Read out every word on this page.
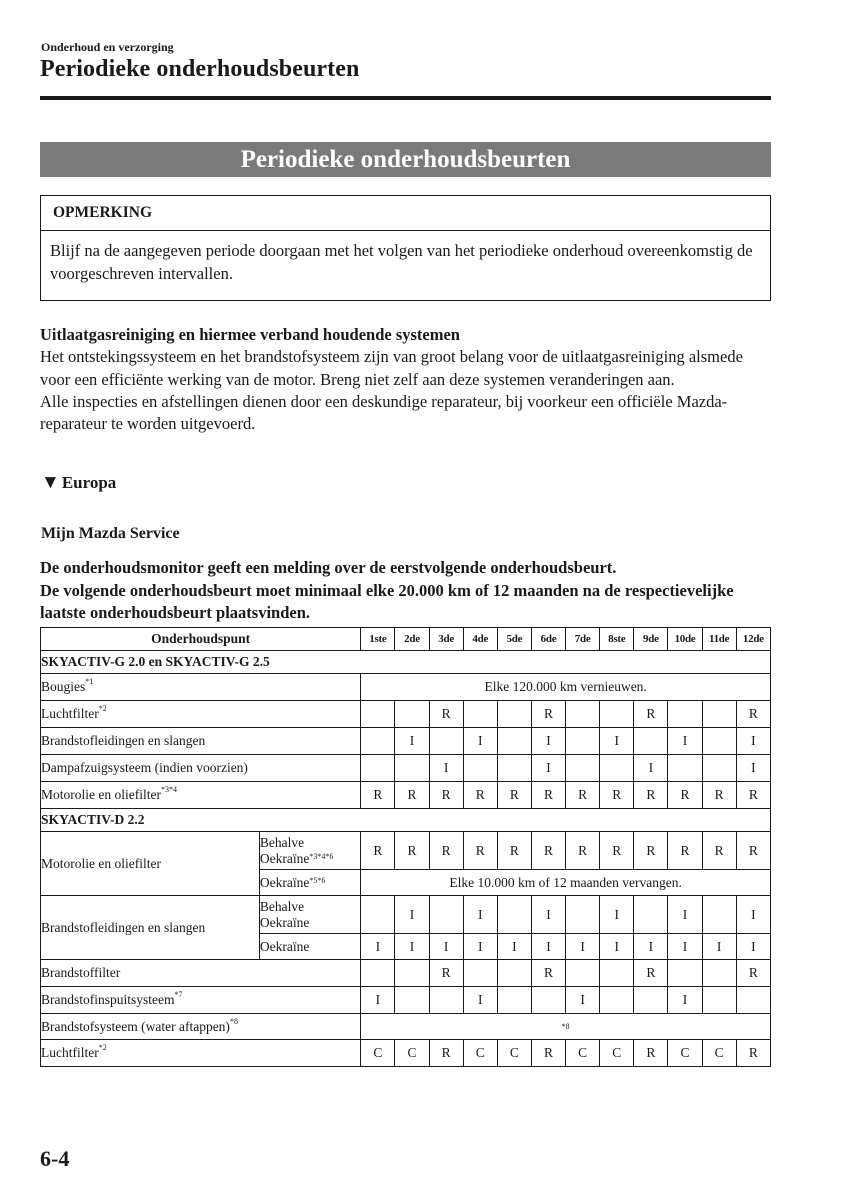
Onderhoud en verzorging
Periodieke onderhoudsbeurten
Periodieke onderhoudsbeurten
OPMERKING
Blijf na de aangegeven periode doorgaan met het volgen van het periodieke onderhoud overeenkomstig de voorgeschreven intervallen.

Uitlaatgasreiniging en hiermee verband houdende systemen

Het ontstekingssysteem en het brandstofsysteem zijn van groot belang voor de uitlaatgasreiniging alsmede voor een efficiënte werking van de motor. Breng niet zelf aan deze systemen veranderingen aan.

Alle inspecties en afstellingen dienen door een deskundige reparateur, bij voorkeur een officiële Mazda-reparateur te worden uitgevoerd.

▼ Europa
Mijn Mazda Service

De onderhoudsmonitor geeft een melding over de eerstvolgende onderhoudsbeurt.

De volgende onderhoudsbeurt moet minimaal elke 20.000 km of 12 maanden na de respectievelijke laatste onderhoudsbeurt plaatsvinden.

Onderhoudspunt		1ste	2de	3de	4de	5de	6de	7de	8ste	9de	10de	11de	12de
SKYACTIV-G 2.0 en SKYACTIV-G 2.5													
Bougies$^{*1}$		Elke 120.000 km vernieuwen.											
Luchtfilter$^{*2}$				R			R			R			R
Brandstofleidingen en slangen			I		I		I		I		I		I
Dampafzuigsysteem (indien voorzien)				I			I			I			I
Motorolie en oliefilter$^{*3*4}$		R	R	R	R	R	R	R	R	R	R	R	R
SKYACTIV-D 2.2													
Motorolie en oliefilter	Behalve
Oekraïne$^{*3*4*6}$	R	R	R	R	R	R	R	R	R	R	R	R
	Oekraïne$^{*5*6}$	Elke 10.000 km of 12 maanden vervangen.											
Brandstofleidingen en slangen	Behalve
Oekraïne		I		I		I		I		I		I
	Oekraïne	I	I	I	I	I	I	I	I	I	I	I	I
Brandstoffilter				R			R			R			R
Brandstofinspuitsysteem$^{*7}$		I			I			I			I		
Brandstofsysteem (water aftappen)$^{*8}$		*8											
Luchtfilter$^{*2}$		C	C	R	C	C	R	C	C	R	C	C	R
6-4
